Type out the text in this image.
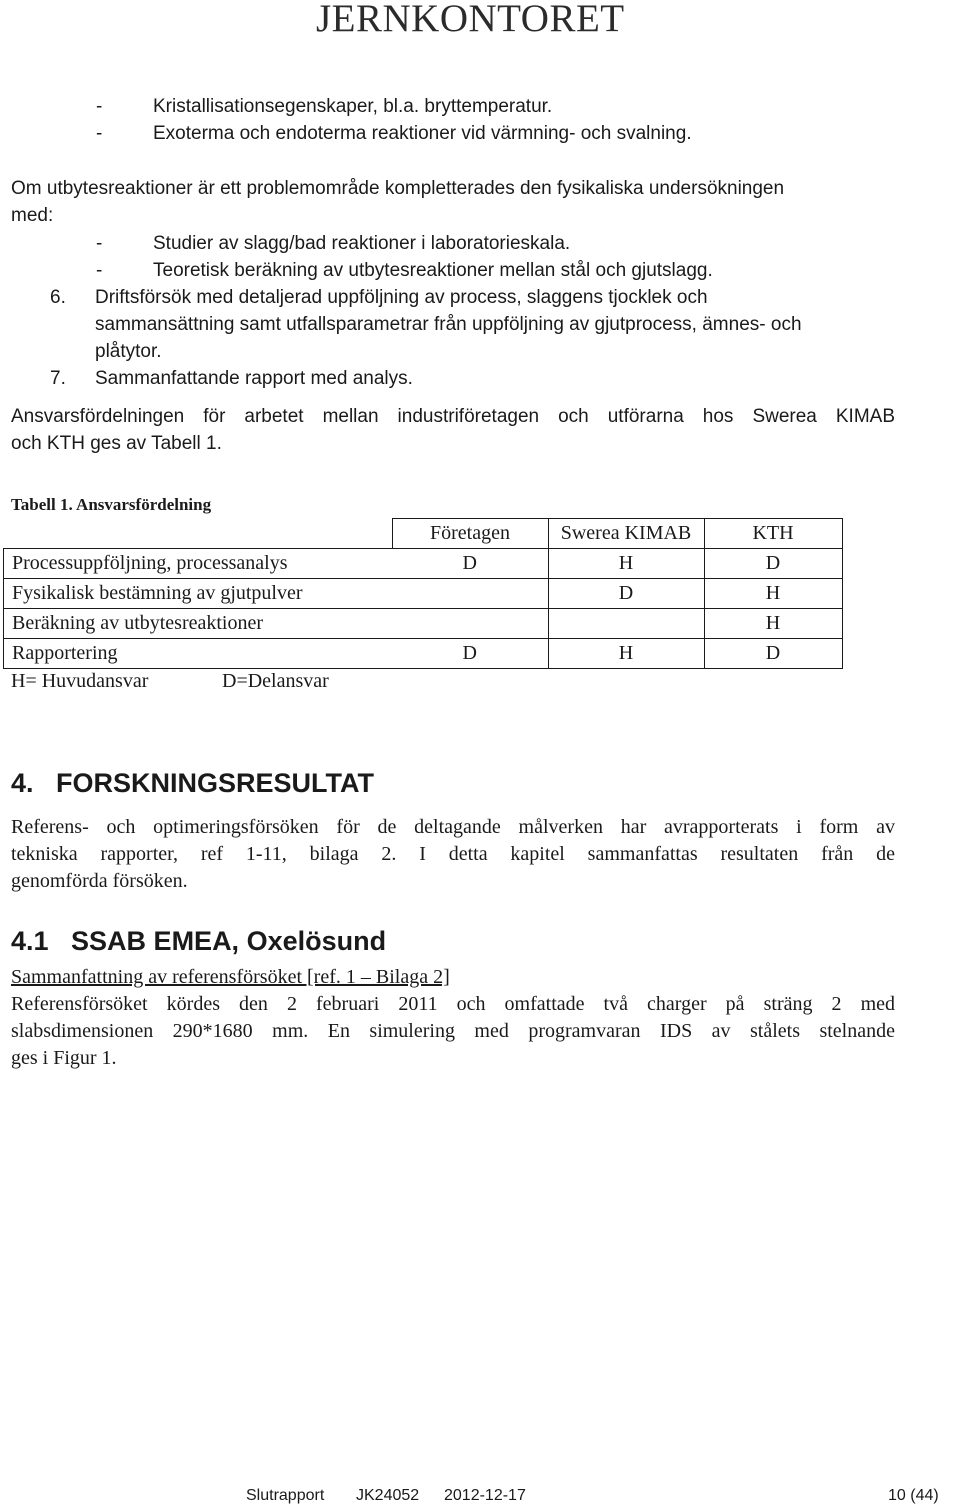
JERNKONTORET
-	Kristallisationsegenskaper, bl.a. bryttemperatur.
-	Exoterma och endoterma reaktioner vid värmning- och svalning.
Om utbytesreaktioner är ett problemområde kompletterades den fysikaliska undersökningen
med:
-	Studier av slagg/bad reaktioner i laboratorieskala.
-	Teoretisk beräkning av utbytesreaktioner mellan stål och gjutslagg.
6. Driftsförsök med detaljerad uppföljning av process, slaggens tjocklek och
sammansättning samt utfallsparametrar från uppföljning av gjutprocess, ämnes- och
plåtytor.
7. Sammanfattande rapport med analys.
Ansvarsfördelningen för arbetet mellan industriföretagen och utförarna hos Swerea KIMAB
och KTH ges av Tabell 1.
Tabell 1. Ansvarsfördelning
	Företagen	Swerea KIMAB	KTH
Processuppföljning, processanalys	D	H	D
Fysikalisk bestämning av gjutpulver		D	H
Beräkning av utbytesreaktioner			H
Rapportering	D	H	D
H= Huvudansvar	D=Delansvar
4.   FORSKNINGSRESULTAT
Referens- och optimeringsförsöken för de deltagande målverken har avrapporterats i form av
tekniska rapporter, ref 1-11, bilaga 2. I detta kapitel sammanfattas resultaten från de
genomförda försöken.
4.1   SSAB EMEA, Oxelösund
Sammanfattning av referensförsöket [ref. 1 – Bilaga 2]
Referensförsöket kördes den 2 februari 2011 och omfattade två charger på sträng 2 med
slabsdimensionen 290*1680 mm. En simulering med programvaran IDS av stålets stelnande
ges i Figur 1.
Slutrapport JK24052 2012-12-17	10 (44)
